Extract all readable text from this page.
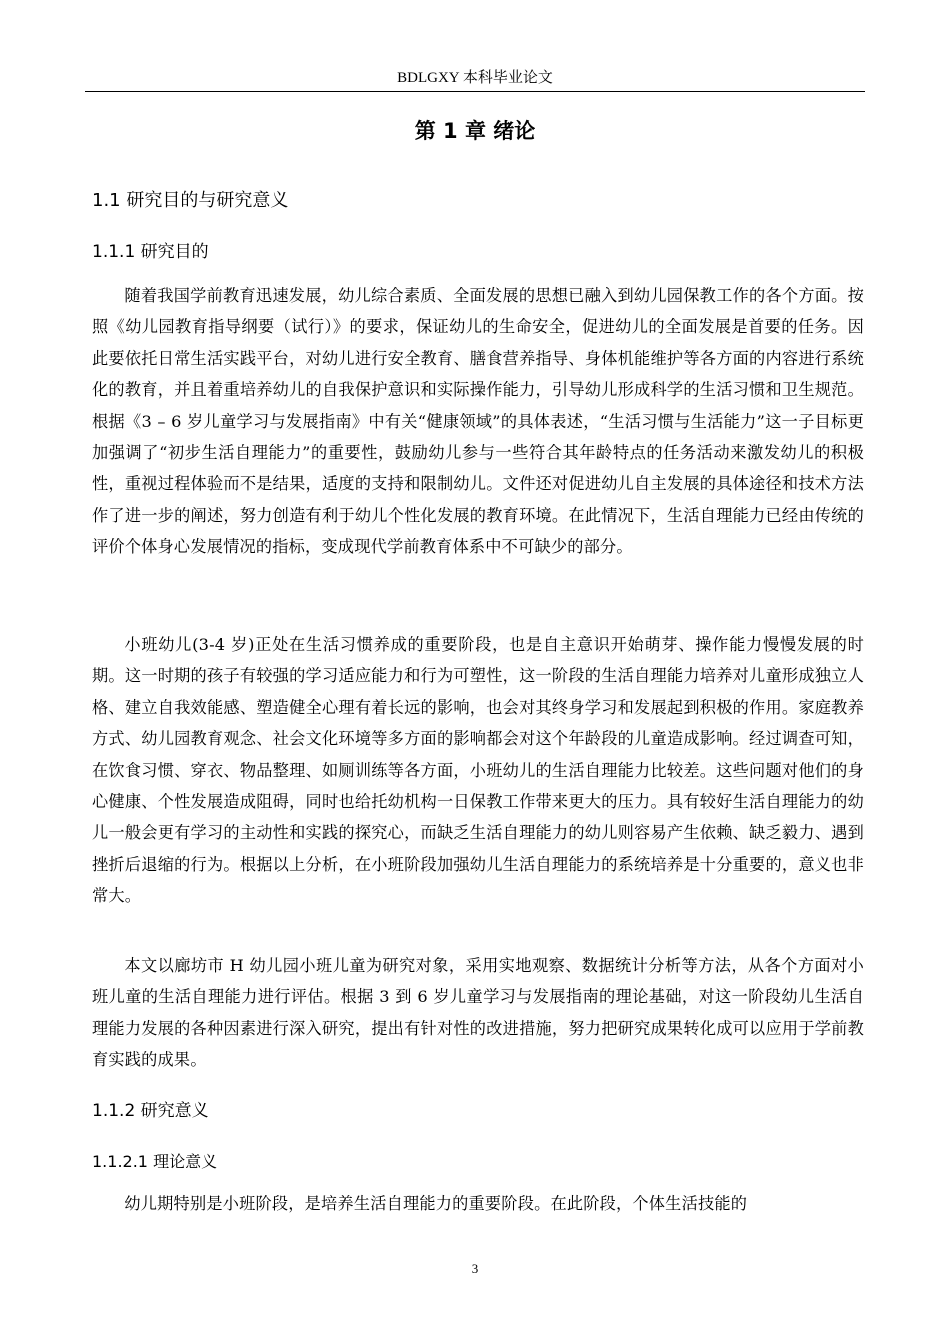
BDLGXY 本科毕业论文
第 1 章 绪论
1.1 研究目的与研究意义
1.1.1 研究目的
随着我国学前教育迅速发展，幼儿综合素质、全面发展的思想已融入到幼儿园保教工作的各个方面。按照《幼儿园教育指导纲要（试行）》的要求，保证幼儿的生命安全，促进幼儿的全面发展是首要的任务。因此要依托日常生活实践平台，对幼儿进行安全教育、膳食营养指导、身体机能维护等各方面的内容进行系统化的教育，并且着重培养幼儿的自我保护意识和实际操作能力，引导幼儿形成科学的生活习惯和卫生规范。根据《3 – 6 岁儿童学习与发展指南》中有关“健康领域”的具体表述，“生活习惯与生活能力”这一子目标更加强调了“初步生活自理能力”的重要性，鼓励幼儿参与一些符合其年龄特点的任务活动来激发幼儿的积极性，重视过程体验而不是结果，适度的支持和限制幼儿。文件还对促进幼儿自主发展的具体途径和技术方法作了进一步的阐述，努力创造有利于幼儿个性化发展的教育环境。在此情况下，生活自理能力已经由传统的评价个体身心发展情况的指标，变成现代学前教育体系中不可缺少的部分。
小班幼儿(3-4 岁)正处在生活习惯养成的重要阶段，也是自主意识开始萌芽、操作能力慢慢发展的时期。这一时期的孩子有较强的学习适应能力和行为可塑性，这一阶段的生活自理能力培养对儿童形成独立人格、建立自我效能感、塑造健全心理有着长远的影响，也会对其终身学习和发展起到积极的作用。家庭教养方式、幼儿园教育观念、社会文化环境等多方面的影响都会对这个年龄段的儿童造成影响。经过调查可知，在饮食习惯、穿衣、物品整理、如厕训练等各方面，小班幼儿的生活自理能力比较差。这些问题对他们的身心健康、个性发展造成阻碍，同时也给托幼机构一日保教工作带来更大的压力。具有较好生活自理能力的幼儿一般会更有学习的主动性和实践的探究心，而缺乏生活自理能力的幼儿则容易产生依赖、缺乏毅力、遇到挫折后退缩的行为。根据以上分析，在小班阶段加强幼儿生活自理能力的系统培养是十分重要的，意义也非常大。
本文以廊坊市 H 幼儿园小班儿童为研究对象，采用实地观察、数据统计分析等方法，从各个方面对小班儿童的生活自理能力进行评估。根据 3 到 6 岁儿童学习与发展指南的理论基础，对这一阶段幼儿生活自理能力发展的各种因素进行深入研究，提出有针对性的改进措施，努力把研究成果转化成可以应用于学前教育实践的成果。
1.1.2 研究意义
1.1.2.1 理论意义
幼儿期特别是小班阶段，是培养生活自理能力的重要阶段。在此阶段，个体生活技能的
3
